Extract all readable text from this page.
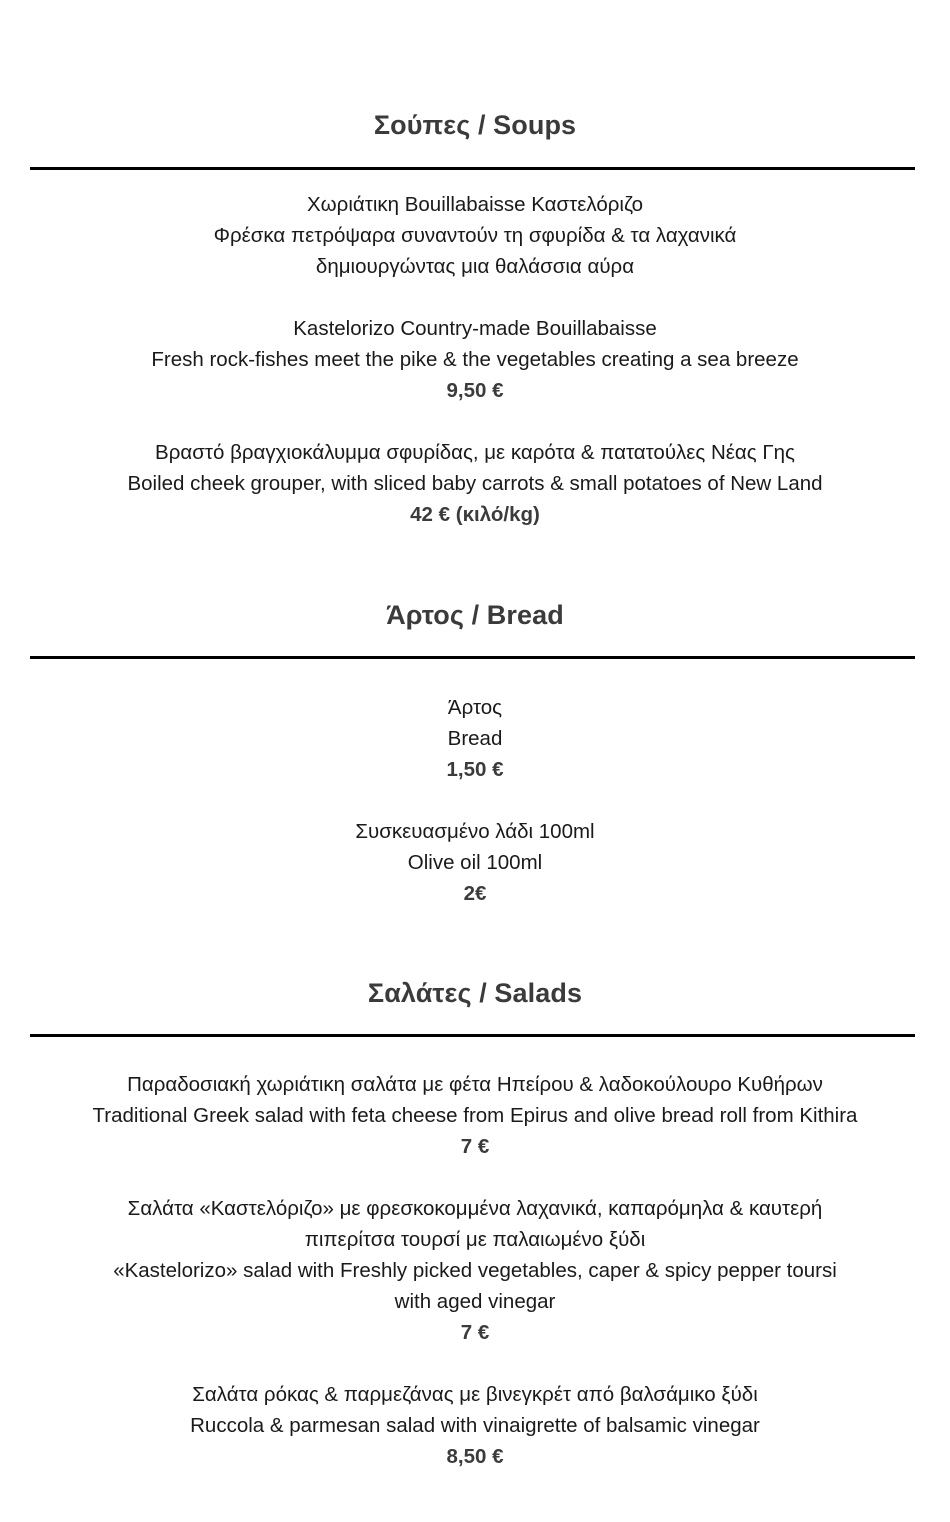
Σούπες / Soups
Χωριάτικη Bouillabaisse Καστελόριζο
Φρέσκα πετρόψαρα συναντούν τη σφυρίδα & τα λαχανικά
δημιουργώντας μια θαλάσσια αύρα

Kastelorizo Country-made Bouillabaisse
Fresh rock-fishes meet the pike & the vegetables creating a sea breeze
9,50 €
Βραστό βραγχιοκάλυμμα σφυρίδας, με καρότα & πατατούλες Νέας Γης
Boiled cheek grouper, with sliced baby carrots & small potatoes of New Land
42 € (κιλό/kg)
Άρτος / Bread
Άρτος
Bread
1,50 €
Συσκευασμένο λάδι 100ml
Olive oil 100ml
2€
Σαλάτες / Salads
Παραδοσιακή χωριάτικη σαλάτα με φέτα Ηπείρου & λαδοκούλουρο Κυθήρων
Traditional Greek salad with feta cheese from Epirus and olive bread roll from Kithira
7 €
Σαλάτα «Καστελόριζο» με φρεσκοκομμένα λαχανικά, καπαρόμηλα & καυτερή
πιπερίτσα τουρσί με παλαιωμένο ξύδι
«Kastelorizo» salad with Freshly picked vegetables, caper & spicy pepper toursi
with aged vinegar
7 €
Σαλάτα ρόκας & παρμεζάνας με βινεγκρέτ από βαλσάμικο ξύδι
Ruccola & parmesan salad with vinaigrette of balsamic vinegar
8,50 €
